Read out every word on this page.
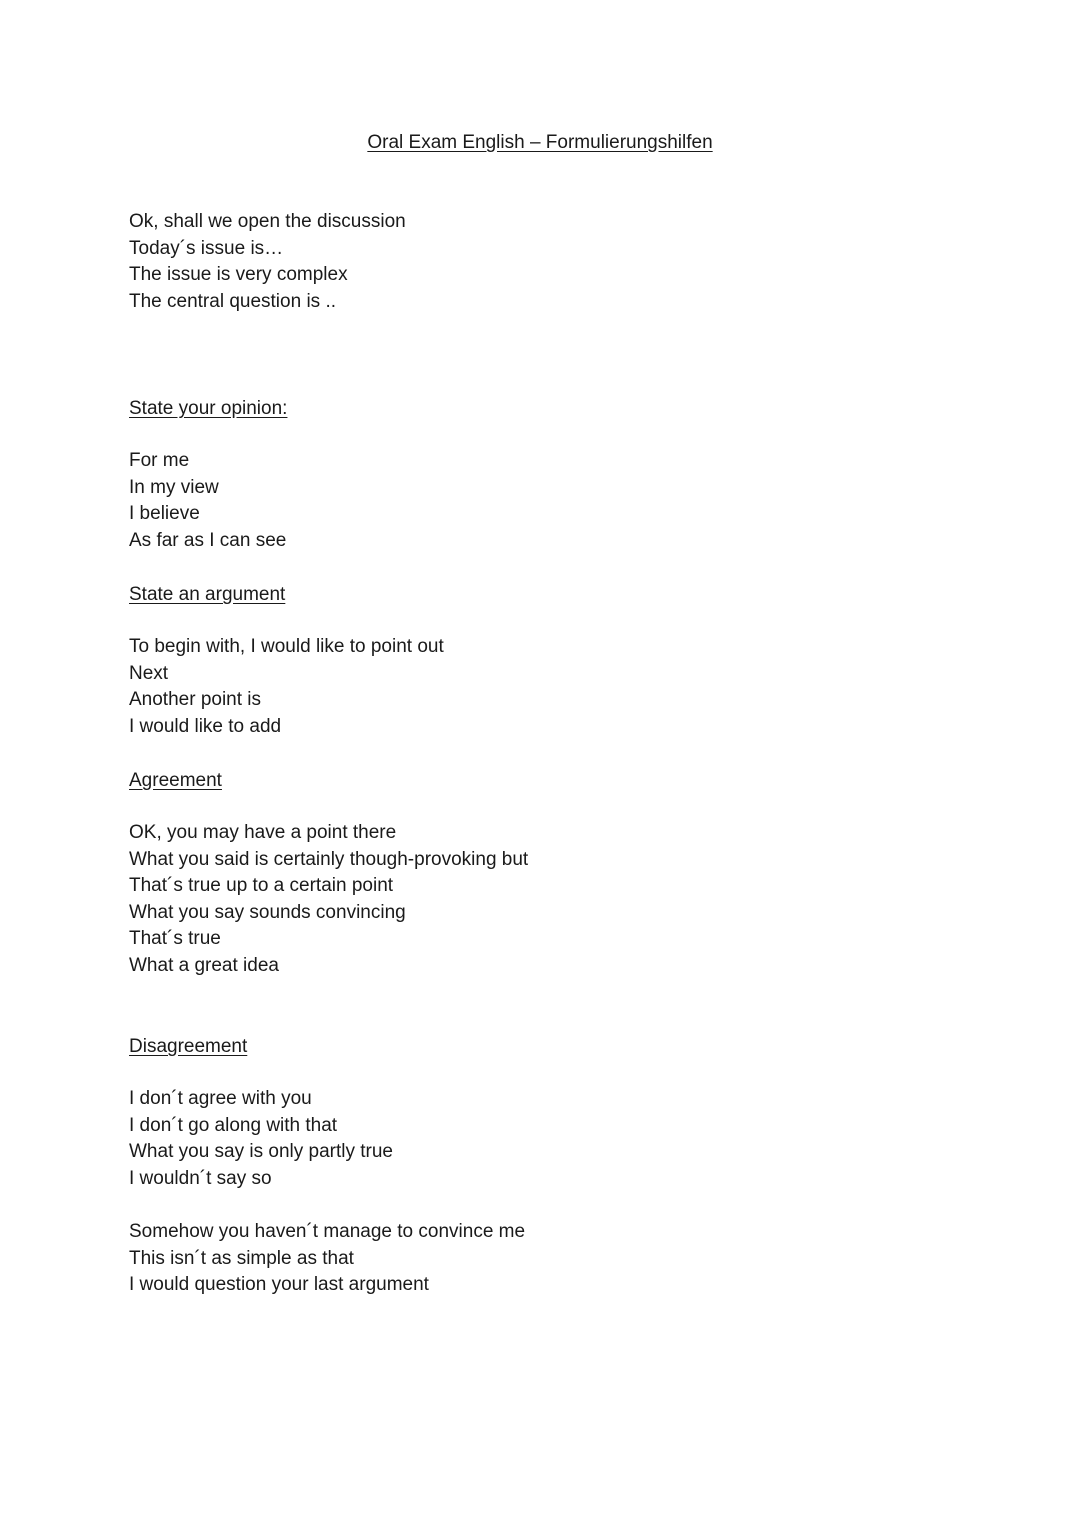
Oral Exam English – Formulierungshilfen
Ok, shall we open the discussion
Today´s issue is…
The issue is very complex
The central question is ..
State your opinion:
For me
In my view
I believe
As far as I can see
State an argument
To begin with, I would like to point out
Next
Another point is
I would like to add
Agreement
OK, you may have a point there
What you said is certainly though-provoking but
That´s true up to a certain point
What you say sounds convincing
That´s true
What a great idea
Disagreement
I don´t agree with you
I don´t go along with that
What you say is only partly true
I wouldn´t say so
Somehow you haven´t manage to convince me
This isn´t as simple as that
I would question your last argument
